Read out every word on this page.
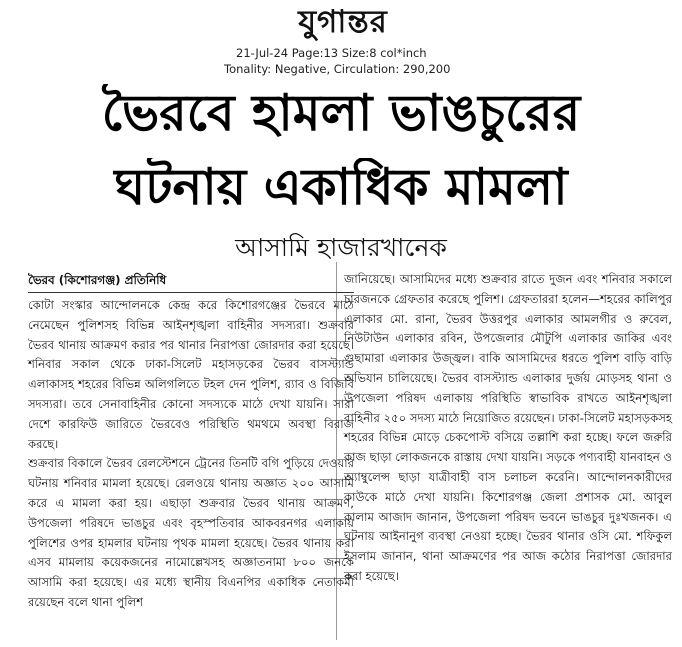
যুগান্তর
21-Jul-24 Page:13 Size:8 col*inch
Tonality: Negative, Circulation: 290,200
ভৈরবে হামলা ভাঙচুরের
ঘটনায় একাধিক মামলা
আসামি হাজারখানেক
ভৈরব (কিশোরগঞ্জ) প্রতিনিধি

কোটা সংস্কার আন্দোলনকে কেন্দ্র করে কিশোরগঞ্জের ভৈরবে মাঠে নেমেছেন পুলিশসহ বিভিন্ন আইনশৃঙ্খলা বাহিনীর সদস্যরা। শুক্রবার ভৈরব থানায় আক্রমণ করার পর থানার নিরাপত্তা জোরদার করা হয়েছে। শনিবার সকাল থেকে ঢাকা-সিলেট মহাসড়কের ভৈরব বাসস্ট্যান্ড এলাকাসহ শহরের বিভিন্ন অলিগলিতে টহল দেন পুলিশ, র‌্যাব ও বিজিবি সদস্যরা। তবে সেনাবাহিনীর কোনো সদস্যকে মাঠে দেখা যায়নি। সারা দেশে কারফিউ জারিতে ভৈরবেও পরিস্থিতি থমথমে অবস্থা বিরাজ করছে।

শুক্রবার বিকালে ভৈরব রেলস্টেশনে ট্রেনের তিনটি বগি পুড়িয়ে দেওয়ার ঘটনায় শনিবার মামলা হয়েছে। রেলওয়ে থানায় অজ্ঞাত ২০০ আসামি করে এ মামলা করা হয়। এছাড়া শুক্রবার ভৈরব থানায় আক্রমণ, উপজেলা পরিষদে ভাঙচুর এবং বৃহস্পতিবার আকবরনগর এলাকায় পুলিশের ওপর হামলার ঘটনায় পৃথক মামলা হয়েছে। ভৈরব থানায় করা এসব মামলায় কয়েকজনের নামোল্লেখসহ অজ্ঞাতনামা ৮০০ জনকে আসামি করা হয়েছে। এর মধ্যে স্থানীয় বিএনপির একাধিক নেতাকর্মী রয়েছেন বলে থানা পুলিশ

জানিয়েছে। আসামিদের মধ্যে শুক্রবার রাতে দুজন এবং শনিবার সকালে চারজনকে গ্রেফতার করেছে পুলিশ। গ্রেফতাররা হলেন—শহরের কালিপুর এলাকার মো. রানা, ভৈরব উত্তরপুর এলাকার আমলগীর ও রুবেল, নিউটাউন এলাকার রবিন, উপজেলার মৌটুপি এলাকার জাকির এবং গুছামারা এলাকার উজ্জ্বল। বাকি আসামিদের ধরতে পুলিশ বাড়ি বাড়ি অভিযান চালিয়েছে। ভৈরব বাসস্ট্যান্ড এলাকার দুর্জয় মোড়সহ থানা ও উপজেলা পরিষদ এলাকায় পরিস্থিতি স্বাভাবিক রাখতে আইনশৃঙ্খলা বাহিনীর ২৫০ সদস্য মাঠে নিয়োজিত রয়েছেন। ঢাকা-সিলেট মহাসড়কসহ শহরের বিভিন্ন মোড়ে চেকপোস্ট বসিয়ে তল্লাশি করা হচ্ছে। ফলে জরুরি কাজ ছাড়া লোকজনকে রাস্তায় দেখা যায়নি। সড়কে পণ্যবাহী যানবাহন ও অ্যাম্বুলেন্স ছাড়া যাত্রীবাহী বাস চলাচল করেনি। আন্দোলনকারীদের কাউকে মাঠে দেখা যায়নি। কিশোরগঞ্জ জেলা প্রশাসক মো. আবুল কালাম আজাদ জানান, উপজেলা পরিষদ ভবনে ভাঙচুর দুঃখজনক। এ ঘটনায় আইনানুগ ব্যবস্থা নেওয়া হচ্ছে। ভৈরব থানার ওসি মো. শফিকুল ইসলাম জানান, থানা আক্রমণের পর আজ কঠোর নিরাপত্তা জোরদার করা হয়েছে।
